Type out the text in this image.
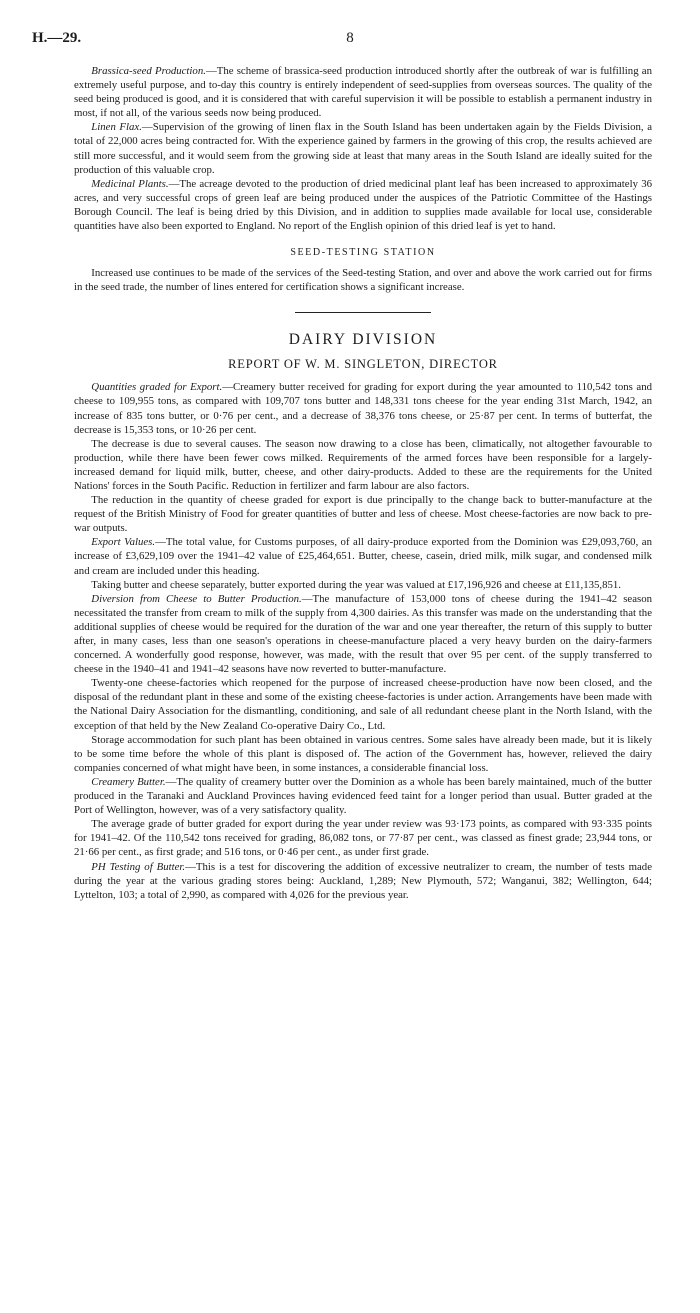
H.—29.	8

Brassica-seed Production.—The scheme of brassica-seed production introduced shortly after the outbreak of war is fulfilling an extremely useful purpose, and to-day this country is entirely independent of seed-supplies from overseas sources. The quality of the seed being produced is good, and it is considered that with careful supervision it will be possible to establish a permanent industry in most, if not all, of the various seeds now being produced.

Linen Flax.—Supervision of the growing of linen flax in the South Island has been undertaken again by the Fields Division, a total of 22,000 acres being contracted for. With the experience gained by farmers in the growing of this crop, the results achieved are still more successful, and it would seem from the growing side at least that many areas in the South Island are ideally suited for the production of this valuable crop.

Medicinal Plants.—The acreage devoted to the production of dried medicinal plant leaf has been increased to approximately 36 acres, and very successful crops of green leaf are being produced under the auspices of the Patriotic Committee of the Hastings Borough Council. The leaf is being dried by this Division, and in addition to supplies made available for local use, considerable quantities have also been exported to England. No report of the English opinion of this dried leaf is yet to hand.

SEED-TESTING STATION

Increased use continues to be made of the services of the Seed-testing Station, and over and above the work carried out for firms in the seed trade, the number of lines entered for certification shows a significant increase.

DAIRY DIVISION
REPORT OF W. M. SINGLETON, DIRECTOR

Quantities graded for Export.—Creamery butter received for grading for export during the year amounted to 110,542 tons and cheese to 109,955 tons, as compared with 109,707 tons butter and 148,331 tons cheese for the year ending 31st March, 1942, an increase of 835 tons butter, or 0·76 per cent., and a decrease of 38,376 tons cheese, or 25·87 per cent. In terms of butterfat, the decrease is 15,353 tons, or 10·26 per cent.

The decrease is due to several causes. The season now drawing to a close has been, climatically, not altogether favourable to production, while there have been fewer cows milked. Requirements of the armed forces have been responsible for a largely-increased demand for liquid milk, butter, cheese, and other dairy-products. Added to these are the requirements for the United Nations' forces in the South Pacific. Reduction in fertilizer and farm labour are also factors.

The reduction in the quantity of cheese graded for export is due principally to the change back to butter-manufacture at the request of the British Ministry of Food for greater quantities of butter and less of cheese. Most cheese-factories are now back to pre-war outputs.

Export Values.—The total value, for Customs purposes, of all dairy-produce exported from the Dominion was £29,093,760, an increase of £3,629,109 over the 1941–42 value of £25,464,651. Butter, cheese, casein, dried milk, milk sugar, and condensed milk and cream are included under this heading.

Taking butter and cheese separately, butter exported during the year was valued at £17,196,926 and cheese at £11,135,851.

Diversion from Cheese to Butter Production.—The manufacture of 153,000 tons of cheese during the 1941–42 season necessitated the transfer from cream to milk of the supply from 4,300 dairies. As this transfer was made on the understanding that the additional supplies of cheese would be required for the duration of the war and one year thereafter, the return of this supply to butter after, in many cases, less than one season's operations in cheese-manufacture placed a very heavy burden on the dairy-farmers concerned. A wonderfully good response, however, was made, with the result that over 95 per cent. of the supply transferred to cheese in the 1940–41 and 1941–42 seasons have now reverted to butter-manufacture.

Twenty-one cheese-factories which reopened for the purpose of increased cheese-production have now been closed, and the disposal of the redundant plant in these and some of the existing cheese-factories is under action. Arrangements have been made with the National Dairy Association for the dismantling, conditioning, and sale of all redundant cheese plant in the North Island, with the exception of that held by the New Zealand Co-operative Dairy Co., Ltd.

Storage accommodation for such plant has been obtained in various centres. Some sales have already been made, but it is likely to be some time before the whole of this plant is disposed of. The action of the Government has, however, relieved the dairy companies concerned of what might have been, in some instances, a considerable financial loss.

Creamery Butter.—The quality of creamery butter over the Dominion as a whole has been barely maintained, much of the butter produced in the Taranaki and Auckland Provinces having evidenced feed taint for a longer period than usual. Butter graded at the Port of Wellington, however, was of a very satisfactory quality.

The average grade of butter graded for export during the year under review was 93·173 points, as compared with 93·335 points for 1941–42. Of the 110,542 tons received for grading, 86,082 tons, or 77·87 per cent., was classed as finest grade; 23,944 tons, or 21·66 per cent., as first grade; and 516 tons, or 0·46 per cent., as under first grade.

PH Testing of Butter.—This is a test for discovering the addition of excessive neutralizer to cream, the number of tests made during the year at the various grading stores being: Auckland, 1,289; New Plymouth, 572; Wanganui, 382; Wellington, 644; Lyttelton, 103; a total of 2,990, as compared with 4,026 for the previous year.
